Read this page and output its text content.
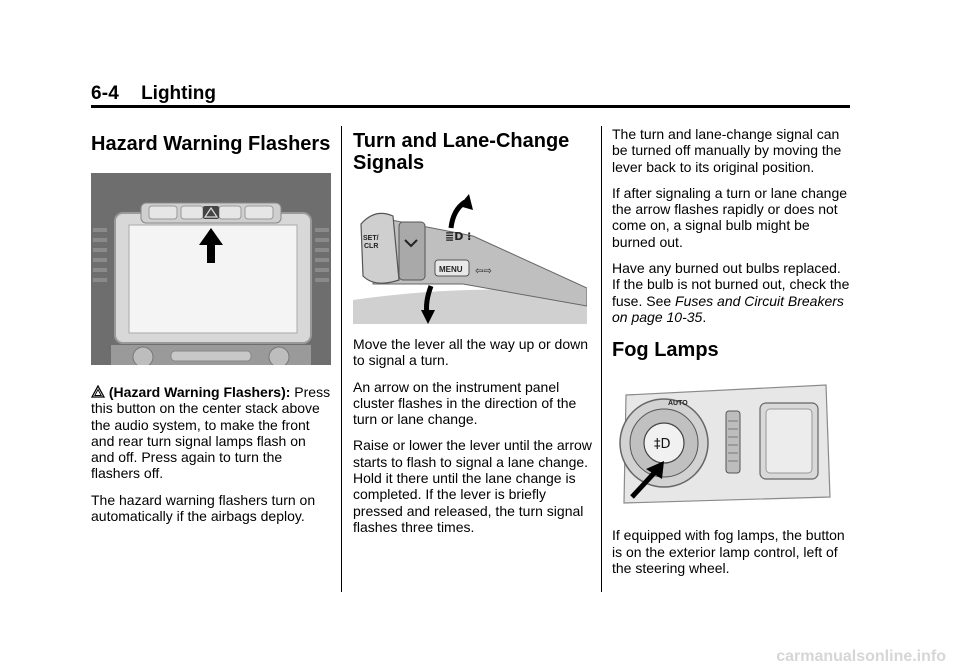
6-4 Lighting
Hazard Warning Flashers

(Hazard Warning Flashers): Press this button on the center stack above the audio system, to make the front and rear turn signal lamps flash on and off. Press again to turn the flashers off.

The hazard warning flashers turn on automatically if the airbags deploy.

Turn and Lane-Change Signals
SET/
CLR
≣D ⁝
MENU ⇦⇨

Move the lever all the way up or down to signal a turn.

An arrow on the instrument panel cluster flashes in the direction of the turn or lane change.

Raise or lower the lever until the arrow starts to flash to signal a lane change. Hold it there until the lane change is completed. If the lever is briefly pressed and released, the turn signal flashes three times.

The turn and lane-change signal can be turned off manually by moving the lever back to its original position.

If after signaling a turn or lane change the arrow flashes rapidly or does not come on, a signal bulb might be burned out.

Have any burned out bulbs replaced. If the bulb is not burned out, check the fuse. See Fuses and Circuit Breakers on page 10-35.

Fog Lamps
‡D
AUTO

If equipped with fog lamps, the button is on the exterior lamp control, left of the steering wheel.

carmanualsonline.info
